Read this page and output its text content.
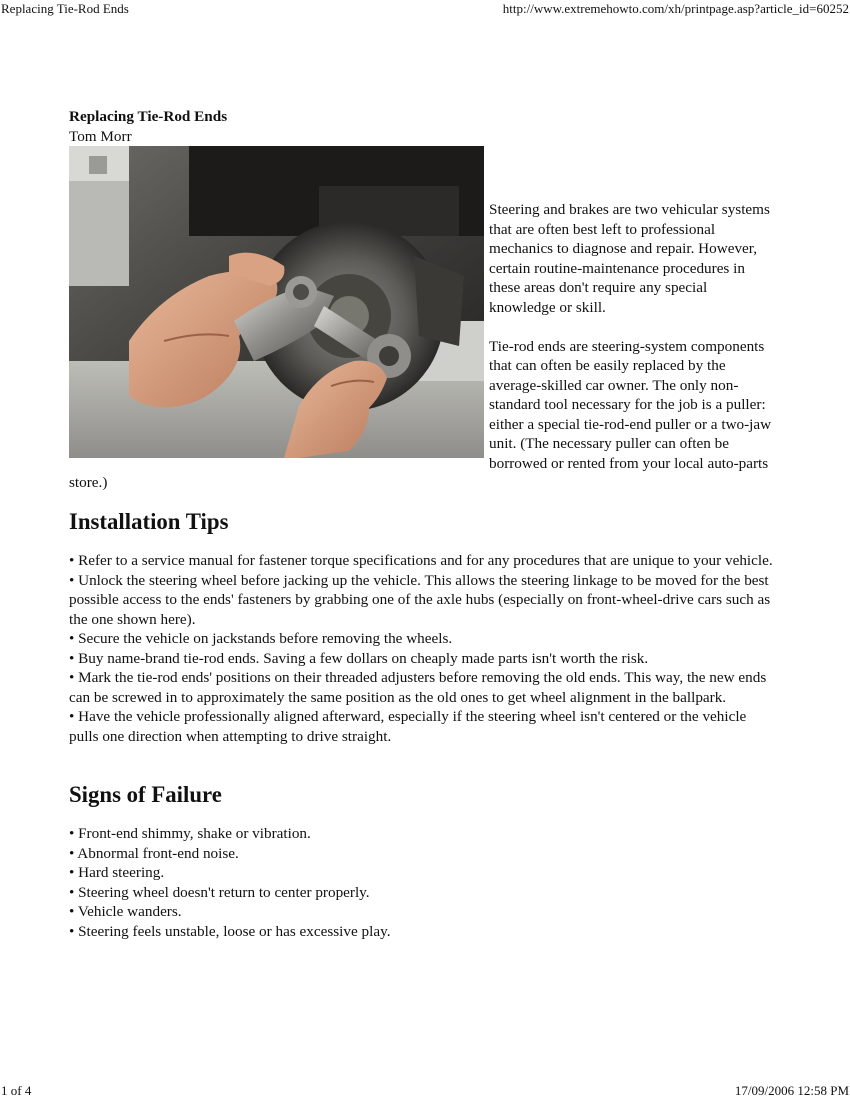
Replacing Tie-Rod Ends	http://www.extremehowto.com/xh/printpage.asp?article_id=60252
Replacing Tie-Rod Ends

Tom Morr

Steering and brakes are two vehicular systems that are often best left to professional mechanics to diagnose and repair. However, certain routine-maintenance procedures in these areas don't require any special knowledge or skill.

Tie-rod ends are steering-system components that can often be easily replaced by the average-skilled car owner. The only non-standard tool necessary for the job is a puller: either a special tie-rod-end puller or a two-jaw unit. (The necessary puller can often be borrowed or rented from your local auto-parts store.)

Installation Tips
• Refer to a service manual for fastener torque specifications and for any procedures that are unique to your vehicle.
• Unlock the steering wheel before jacking up the vehicle. This allows the steering linkage to be moved for the best possible access to the ends' fasteners by grabbing one of the axle hubs (especially on front-wheel-drive cars such as the one shown here).
• Secure the vehicle on jackstands before removing the wheels.
• Buy name-brand tie-rod ends. Saving a few dollars on cheaply made parts isn't worth the risk.
• Mark the tie-rod ends' positions on their threaded adjusters before removing the old ends. This way, the new ends can be screwed in to approximately the same position as the old ones to get wheel alignment in the ballpark.
• Have the vehicle professionally aligned afterward, especially if the steering wheel isn't centered or the vehicle pulls one direction when attempting to drive straight.
Signs of Failure
• Front-end shimmy, shake or vibration.
• Abnormal front-end noise.
• Hard steering.
• Steering wheel doesn't return to center properly.
• Vehicle wanders.
• Steering feels unstable, loose or has excessive play.
1 of 4	17/09/2006 12:58 PM
